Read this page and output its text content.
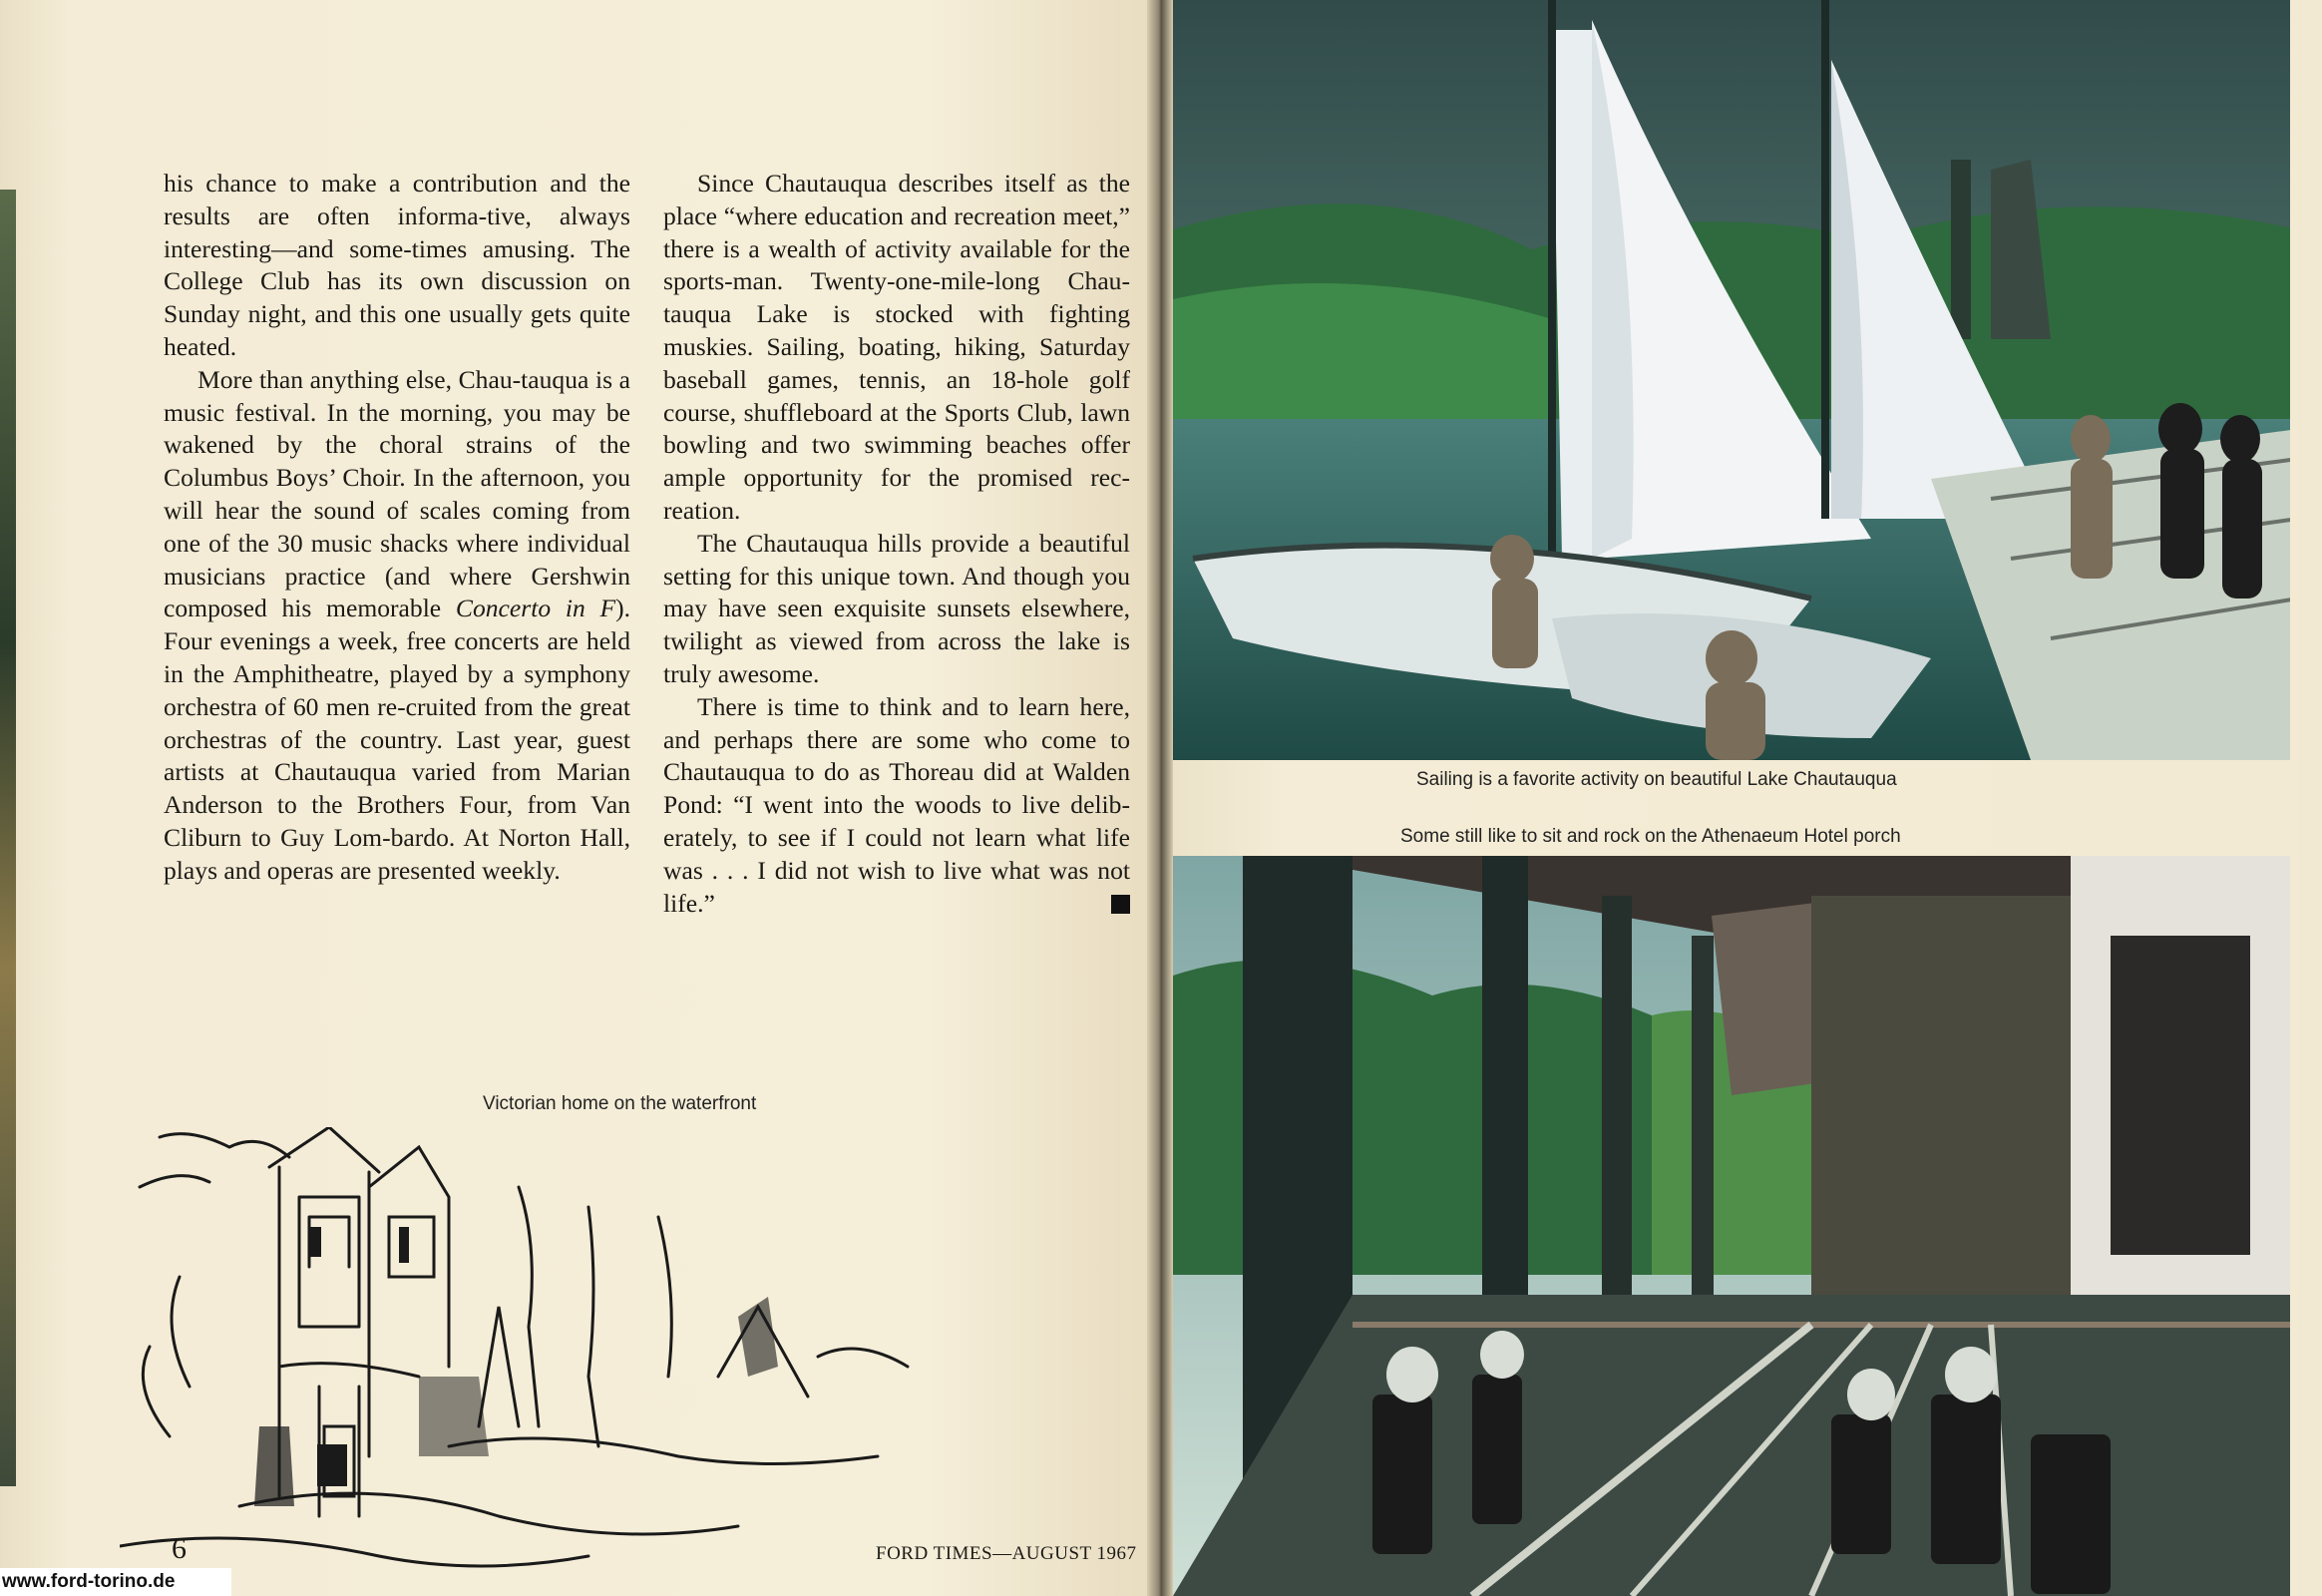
his chance to make a contribution and the results are often informa-tive, always interesting—and some-times amusing. The College Club has its own discussion on Sunday night, and this one usually gets quite heated.

More than anything else, Chau-tauqua is a music festival. In the morning, you may be wakened by the choral strains of the Columbus Boys’ Choir. In the afternoon, you will hear the sound of scales coming from one of the 30 music shacks where individual musicians practice (and where Gershwin composed his memorable Concerto in F). Four evenings a week, free concerts are held in the Amphitheatre, played by a symphony orchestra of 60 men re-cruited from the great orchestras of the country. Last year, guest artists at Chautauqua varied from Marian Anderson to the Brothers Four, from Van Cliburn to Guy Lom-bardo. At Norton Hall, plays and operas are presented weekly.

Since Chautauqua describes itself as the place “where education and recreation meet,” there is a wealth of activity available for the sports-man. Twenty-one-mile-long Chau-tauqua Lake is stocked with fighting muskies. Sailing, boating, hiking, Saturday baseball games, tennis, an 18-hole golf course, shuffleboard at the Sports Club, lawn bowling and two swimming beaches offer ample opportunity for the promised rec-reation.

The Chautauqua hills provide a beautiful setting for this unique town. And though you may have seen exquisite sunsets elsewhere, twilight as viewed from across the lake is truly awesome.

There is time to think and to learn here, and perhaps there are some who come to Chautauqua to do as Thoreau did at Walden Pond: “I went into the woods to live delib-erately, to see if I could not learn what life was . . . I did not wish to live what was not life.”

Victorian home on the waterfront
6	FORD TIMES—AUGUST 1967
www.ford-torino.de
Sailing is a favorite activity on beautiful Lake Chautauqua
Some still like to sit and rock on the Athenaeum Hotel porch
